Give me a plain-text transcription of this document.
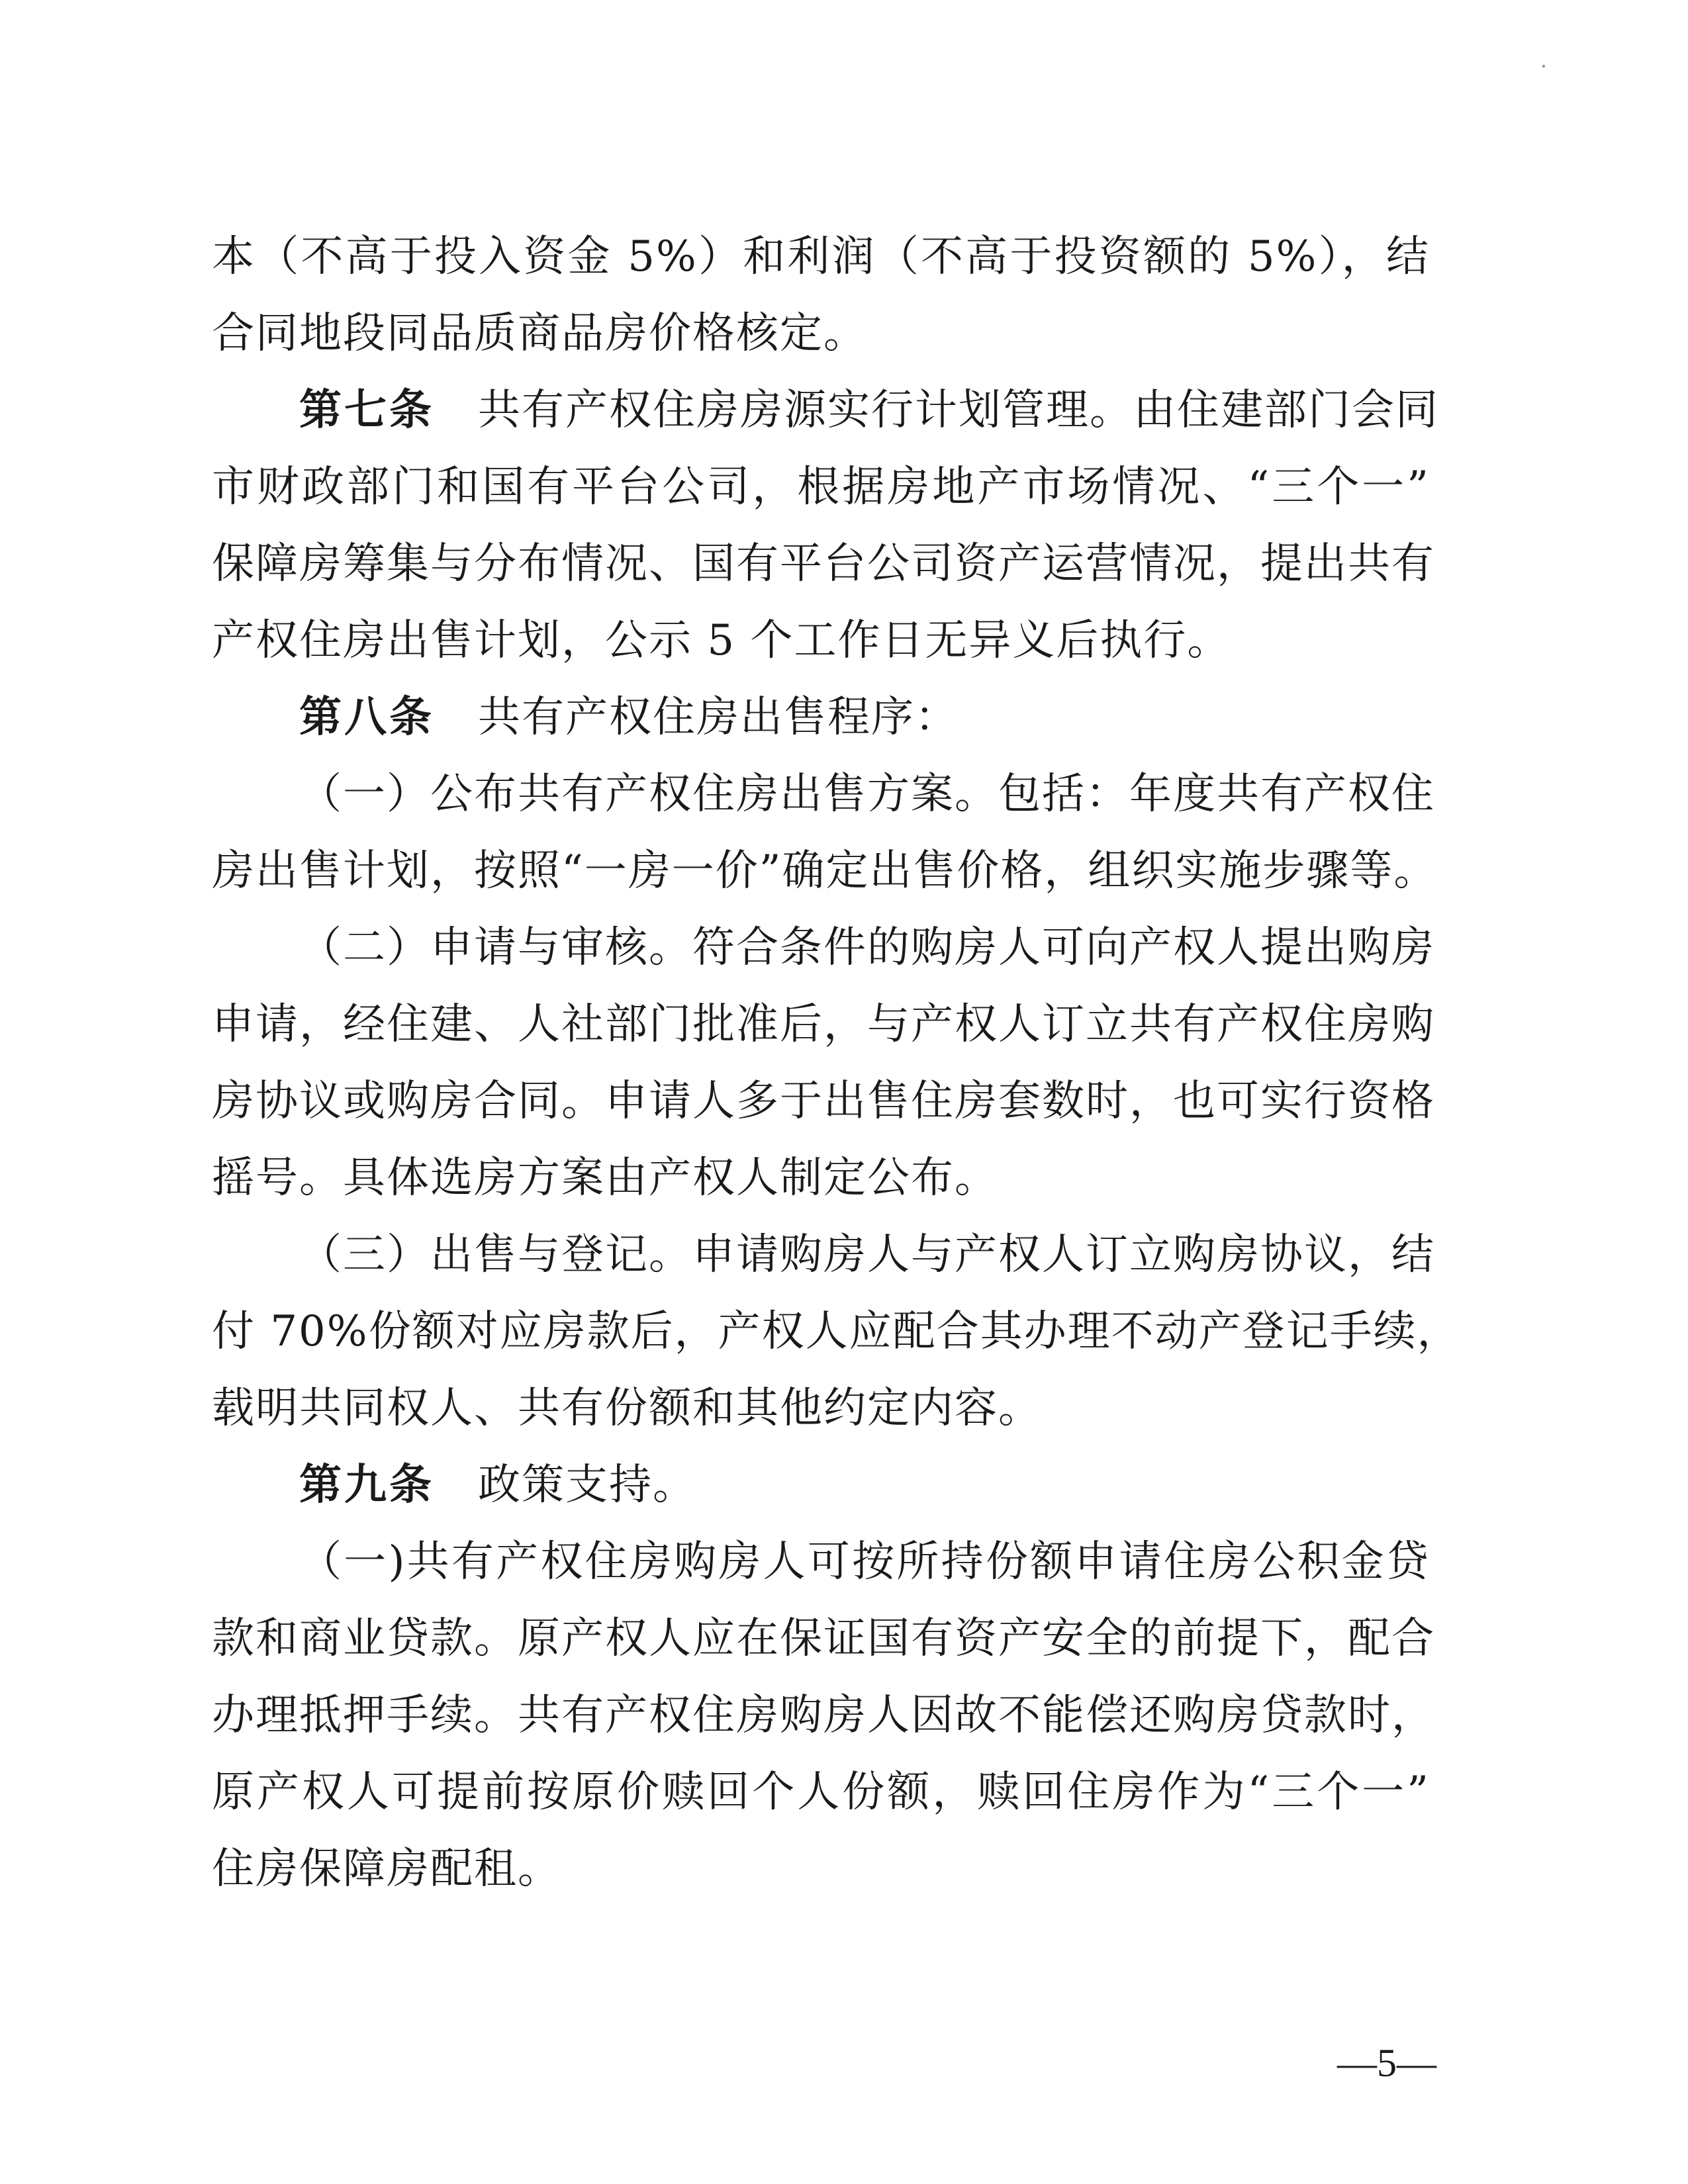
本（不高于投入资金 5%）和利润（不高于投资额的 5%），结
合同地段同品质商品房价格核定。
第七条 共有产权住房房源实行计划管理。由住建部门会同
市财政部门和国有平台公司，根据房地产市场情况、“三个一”
保障房筹集与分布情况、国有平台公司资产运营情况，提出共有
产权住房出售计划，公示 5 个工作日无异义后执行。
第八条 共有产权住房出售程序：
（一）公布共有产权住房出售方案。包括：年度共有产权住
房出售计划，按照“一房一价”确定出售价格，组织实施步骤等。
（二）申请与审核。符合条件的购房人可向产权人提出购房
申请，经住建、人社部门批准后，与产权人订立共有产权住房购
房协议或购房合同。申请人多于出售住房套数时，也可实行资格
摇号。具体选房方案由产权人制定公布。
（三）出售与登记。申请购房人与产权人订立购房协议，结
付 70%份额对应房款后，产权人应配合其办理不动产登记手续，
载明共同权人、共有份额和其他约定内容。
第九条 政策支持。
（一)共有产权住房购房人可按所持份额申请住房公积金贷
款和商业贷款。原产权人应在保证国有资产安全的前提下，配合
办理抵押手续。共有产权住房购房人因故不能偿还购房贷款时，
原产权人可提前按原价赎回个人份额，赎回住房作为“三个一”
住房保障房配租。
—5—
